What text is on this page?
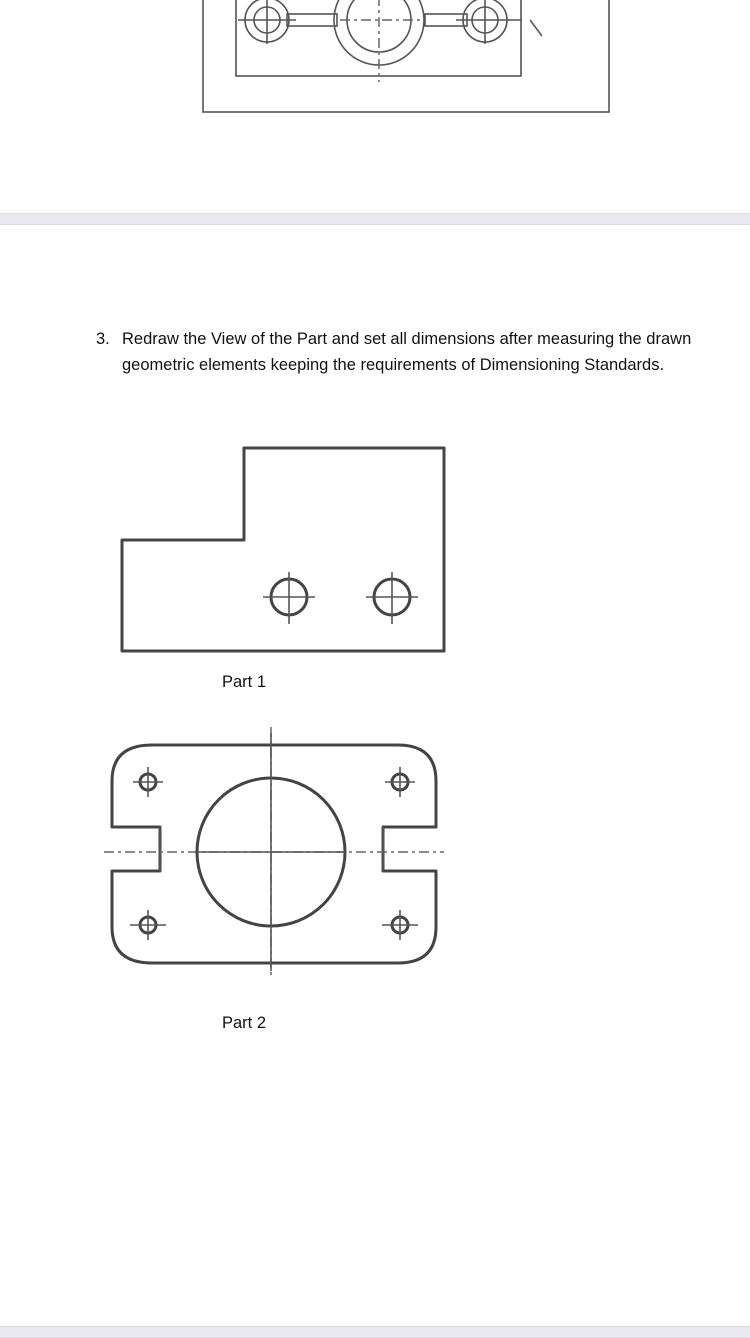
3. Redraw the View of the Part and set all dimensions after measuring the drawn geometric elements keeping the requirements of Dimensioning Standards.
Part 1
Part 2
